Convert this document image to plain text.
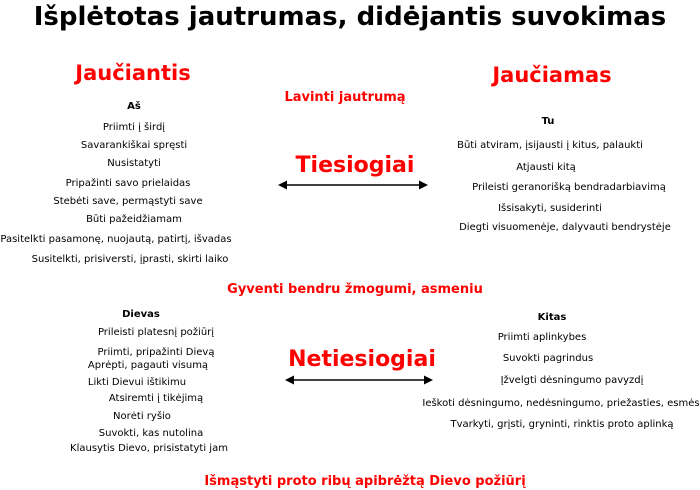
Išplėtotas jautrumas, didėjantis suvokimas
Jaučiantis
Aš
Priimti į širdį
Savarankiškai spręsti
Nusistatyti
Pripažinti savo prielaidas
Stebėti save, permąstyti save
Būti pažeidžiamam
Pasitelkti pasamonę, nuojautą, patirtį, išvadas
Susitelkti, prisiversti, įprasti, skirti laiko
Jaučiamas
Tu
Būti atviram, įsijausti į kitus, palaukti
Atjausti kitą
Prileisti geranorišką bendradarbiavimą
Išsisakyti, susiderinti
Diegti visuomenėje, dalyvauti bendrystėje
Lavinti jautrumą
Tiesiogiai
Gyventi bendru žmogumi, asmeniu
Dievas
Prileisti platesnį požiūrį
Priimti, pripažinti Dievą
Aprėpti, pagauti visumą
Likti Dievui ištikimu
Atsiremti į tikėjimą
Norėti ryšio
Suvokti, kas nutolina
Klausytis Dievo, prisistatyti jam
Kitas
Priimti aplinkybes
Suvokti pagrindus
Įžvelgti dėsningumo pavyzdį
Ieškoti dėsningumo, nedėsningumo, priežasties, esmės
Tvarkyti, grįsti, gryninti, rinktis proto aplinką
Netiesiogiai
Išmąstyti proto ribų apibrėžtą Dievo požiūrį
